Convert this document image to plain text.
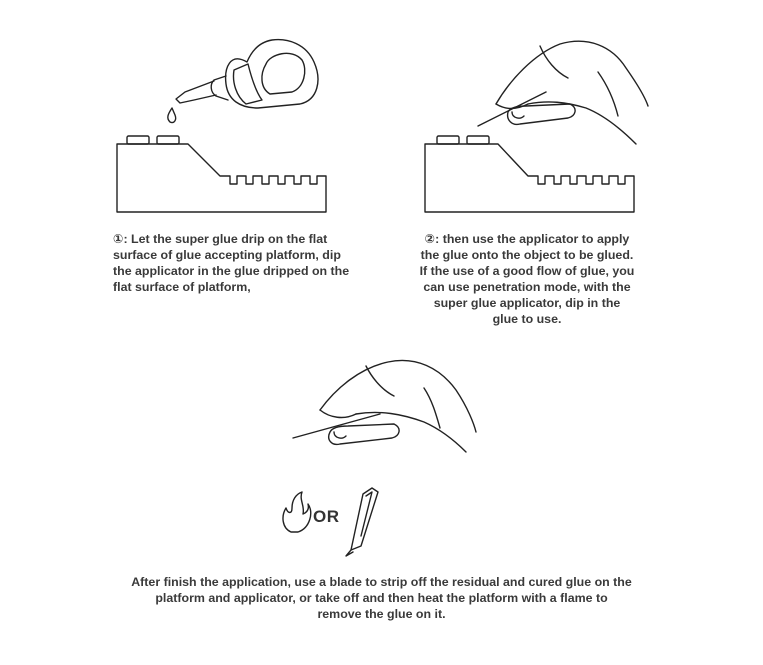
①: Let the super glue drip on the flat
surface of glue accepting platform, dip
the applicator in the glue dripped on the
flat surface of platform,
②: then use the applicator to apply
the glue onto the object to be glued.
If the use of a good flow of glue, you
can use penetration mode, with the
super glue applicator, dip in the
glue to use.
OR
After finish the application, use a blade to strip off the residual and cured glue on the
platform and applicator, or take off and then heat the platform with a flame to
remove the glue on it.
